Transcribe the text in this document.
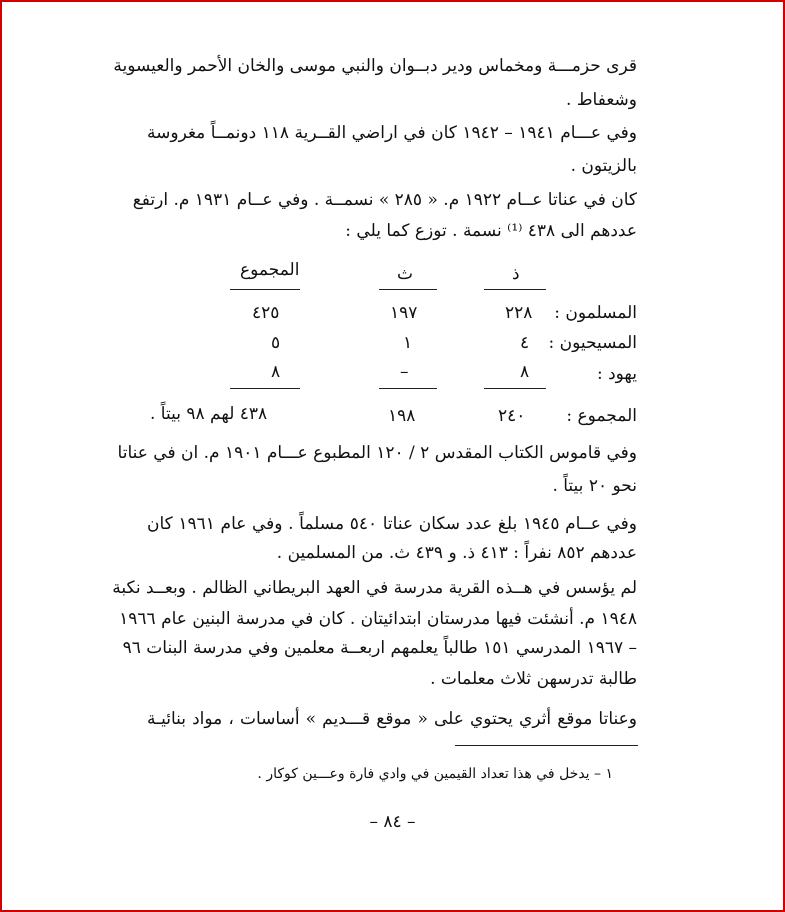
قرى حزمـــة ومخماس ودير دبــوان والنبي موسى والخان الأحمر والعيسوية
وشعفاط .
وفي عـــام ١٩٤١ – ١٩٤٢ كان في اراضي القــرية ١١٨ دونمــاً مغروسة
بالزيتون .
كان في عناتا عــام ١٩٢٢ م. « ٢٨٥ » نسمــة . وفي عــام ١٩٣١ م. ارتفع
عددهم الى ٤٣٨ ⁽¹⁾ نسمة . توزع كما يلي :
ذ
ث
المجموع
المسلمون :
٢٢٨
١٩٧
٤٢٥
المسيحيون :
٤
١
٥
يهود :
٨
–
٨
المجموع :
٢٤٠
١٩٨
٤٣٨ لهم ٩٨ بيتاً .
وفي قاموس الكتاب المقدس ٢ / ١٢٠ المطبوع عـــام ١٩٠١ م. ان في عناتا
نحو ٢٠ بيتاً .
وفي عــام ١٩٤٥ بلغ عدد سكان عناتا ٥٤٠ مسلماً . وفي عام ١٩٦١ كان
عددهم ٨٥٢ نفراً : ٤١٣ ذ. و ٤٣٩ ث. من المسلمين .
لم يؤسس في هــذه القرية مدرسة في العهد البريطاني الظالم . وبعــد نكبة
١٩٤٨ م. أنشئت فيها مدرستان ابتدائيتان . كان في مدرسة البنين عام ١٩٦٦
– ١٩٦٧ المدرسي ١٥١ طالباً يعلمهم اربعــة معلمين وفي مدرسة البنات ٩٦
طالبة تدرسهن ثلاث معلمات .
وعناتا موقع أثري يحتوي على « موقع قـــديم » أساسات ، مواد بنائيـة
١ – يدخل في هذا تعداد القيمين في وادي فارة وعـــين كوكار .
– ٨٤ –
